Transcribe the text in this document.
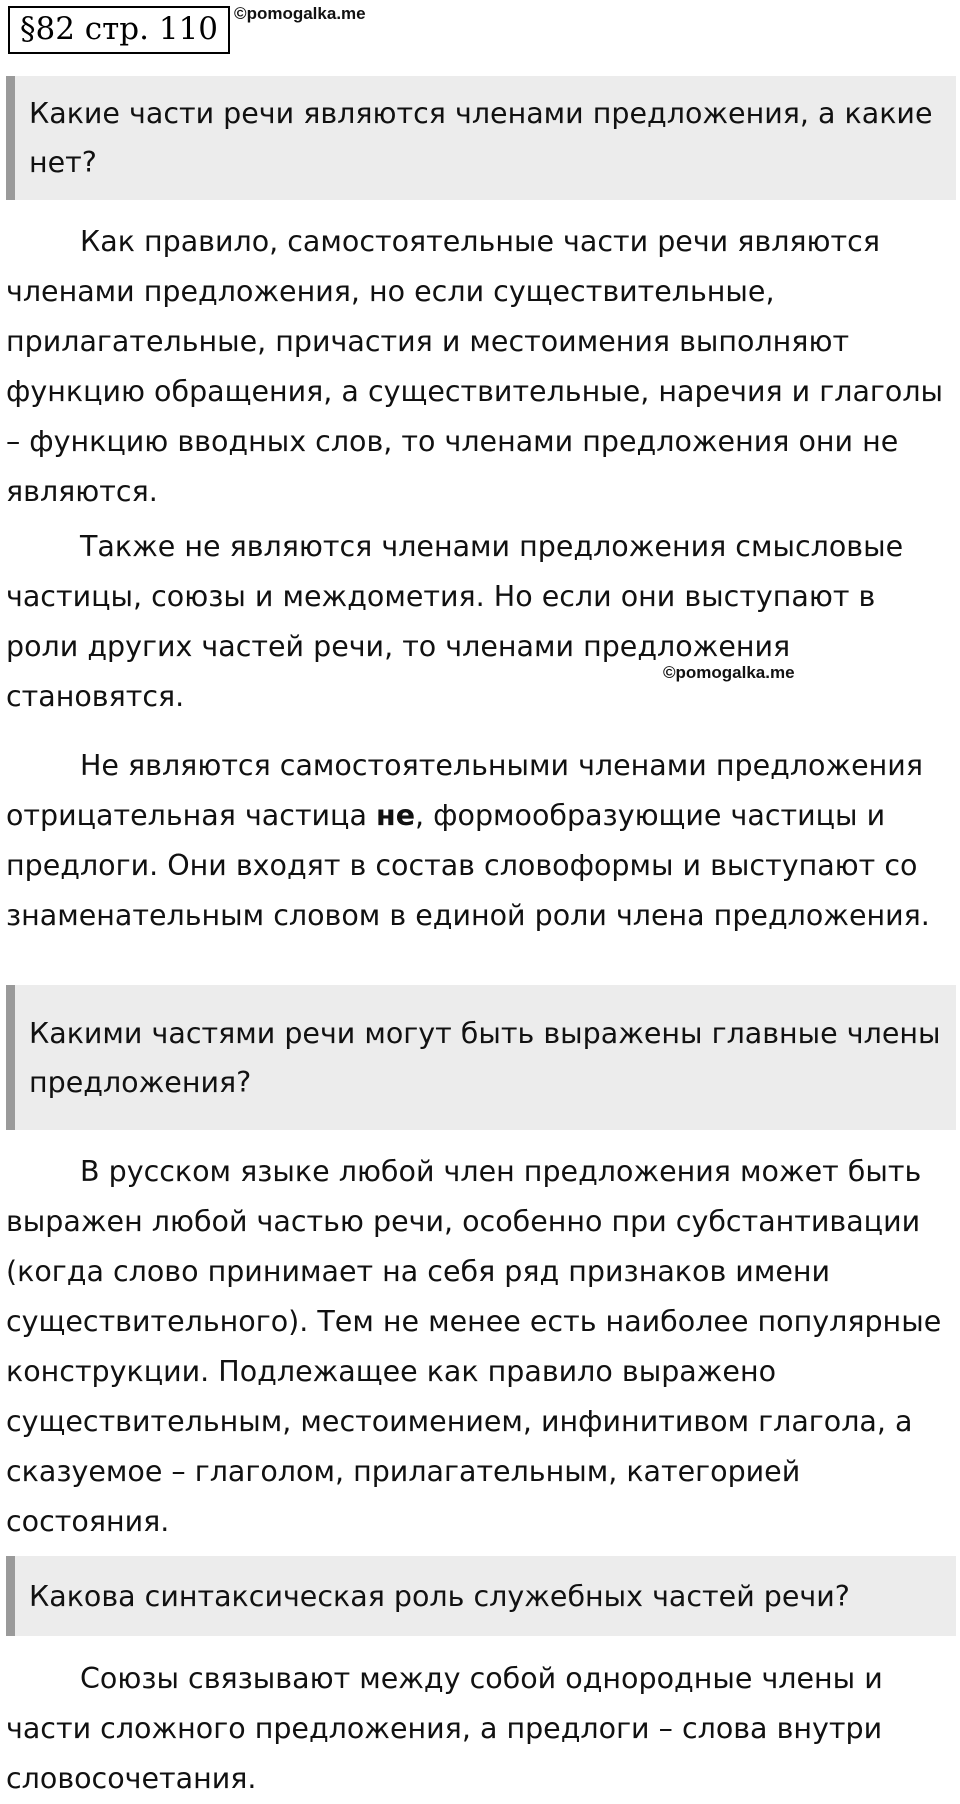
§82 стр. 110 ©pomogalka.me
Какие части речи являются членами предложения, а какие нет?

Как правило, самостоятельные части речи являются членами предложения, но если существительные, прилагательные, причастия и местоимения выполняют функцию обращения, а существительные, наречия и глаголы – функцию вводных слов, то членами предложения они не являются.

Также не являются членами предложения смысловые частицы, союзы и междометия. Но если они выступают в роли других частей речи, то членами предложения становятся.

©pomogalka.me

Не являются самостоятельными членами предложения отрицательная частица не, формообразующие частицы и предлоги. Они входят в состав словоформы и выступают со знаменательным словом в единой роли члена предложения.

Какими частями речи могут быть выражены главные члены предложения?

В русском языке любой член предложения может быть выражен любой частью речи, особенно при субстантивации (когда слово принимает на себя ряд признаков имени существительного). Тем не менее есть наиболее популярные конструкции. Подлежащее как правило выражено существительным, местоимением, инфинитивом глагола, а сказуемое – глаголом, прилагательным, категорией состояния.

Какова синтаксическая роль служебных частей речи?

Союзы связывают между собой однородные члены и части сложного предложения, а предлоги – слова внутри словосочетания.
